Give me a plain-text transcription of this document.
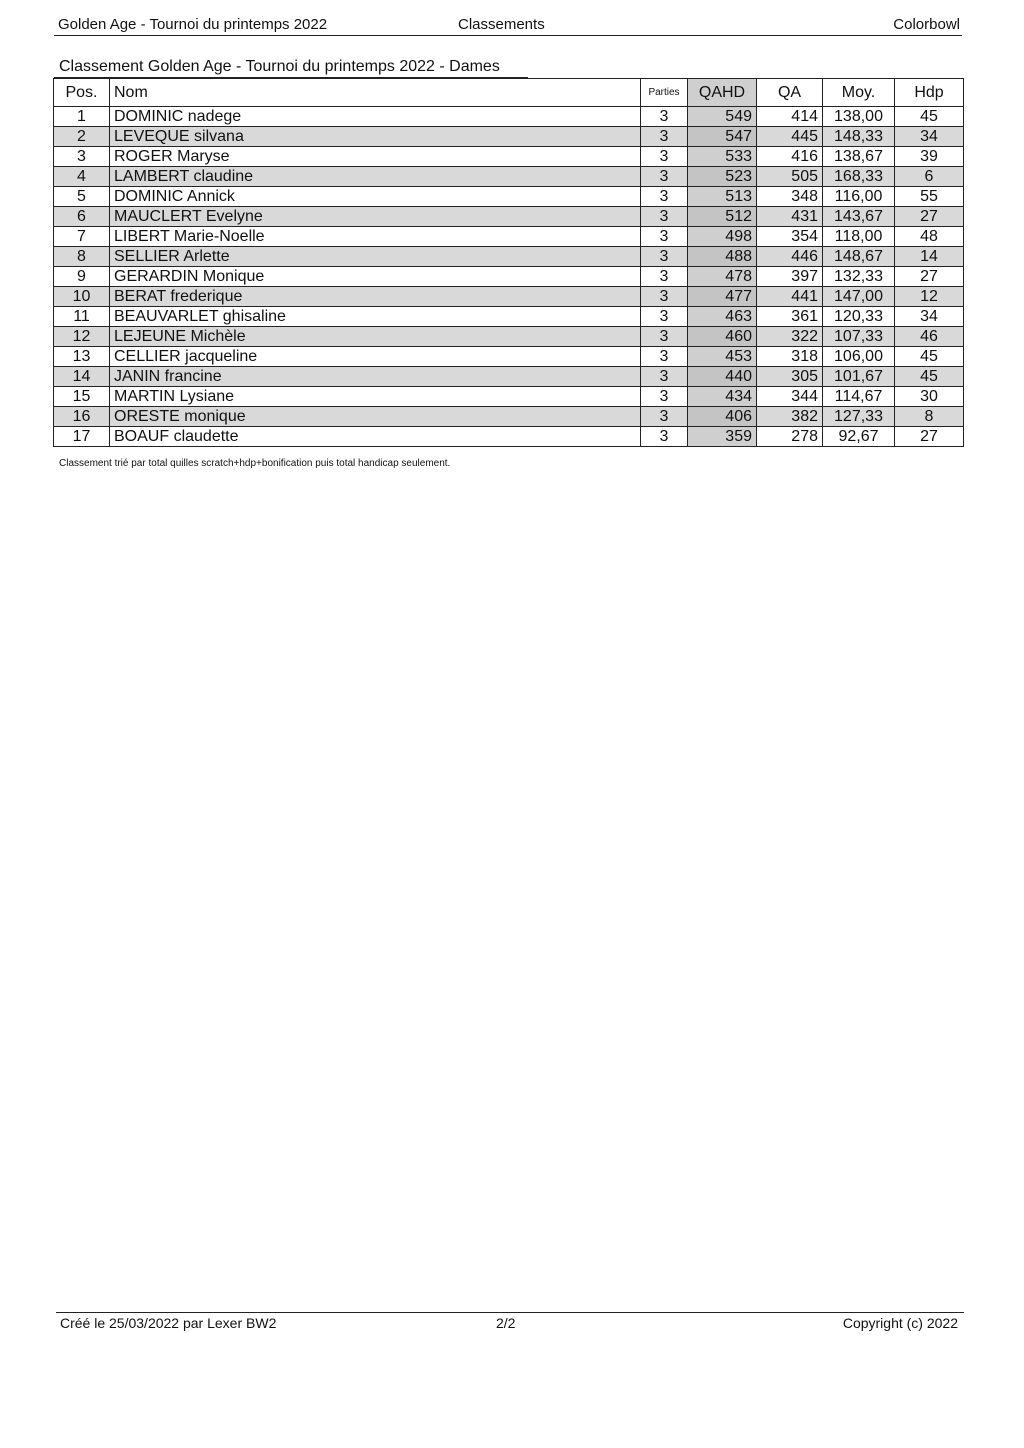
Golden Age - Tournoi du printemps 2022	Classements	Colorbowl
Classement Golden Age - Tournoi du printemps 2022 - Dames
Pos.	Nom	Parties	QAHD	QA	Moy.	Hdp
1	DOMINIC nadege	3	549	414	138,00	45
2	LEVEQUE silvana	3	547	445	148,33	34
3	ROGER Maryse	3	533	416	138,67	39
4	LAMBERT claudine	3	523	505	168,33	6
5	DOMINIC Annick	3	513	348	116,00	55
6	MAUCLERT Evelyne	3	512	431	143,67	27
7	LIBERT Marie-Noelle	3	498	354	118,00	48
8	SELLIER Arlette	3	488	446	148,67	14
9	GERARDIN Monique	3	478	397	132,33	27
10	BERAT frederique	3	477	441	147,00	12
11	BEAUVARLET ghisaline	3	463	361	120,33	34
12	LEJEUNE Michèle	3	460	322	107,33	46
13	CELLIER jacqueline	3	453	318	106,00	45
14	JANIN francine	3	440	305	101,67	45
15	MARTIN Lysiane	3	434	344	114,67	30
16	ORESTE monique	3	406	382	127,33	8
17	BOAUF claudette	3	359	278	92,67	27
Classement trié par total quilles scratch+hdp+bonification puis total handicap seulement.
Créé le 25/03/2022 par Lexer BW2	2/2	Copyright (c) 2022
